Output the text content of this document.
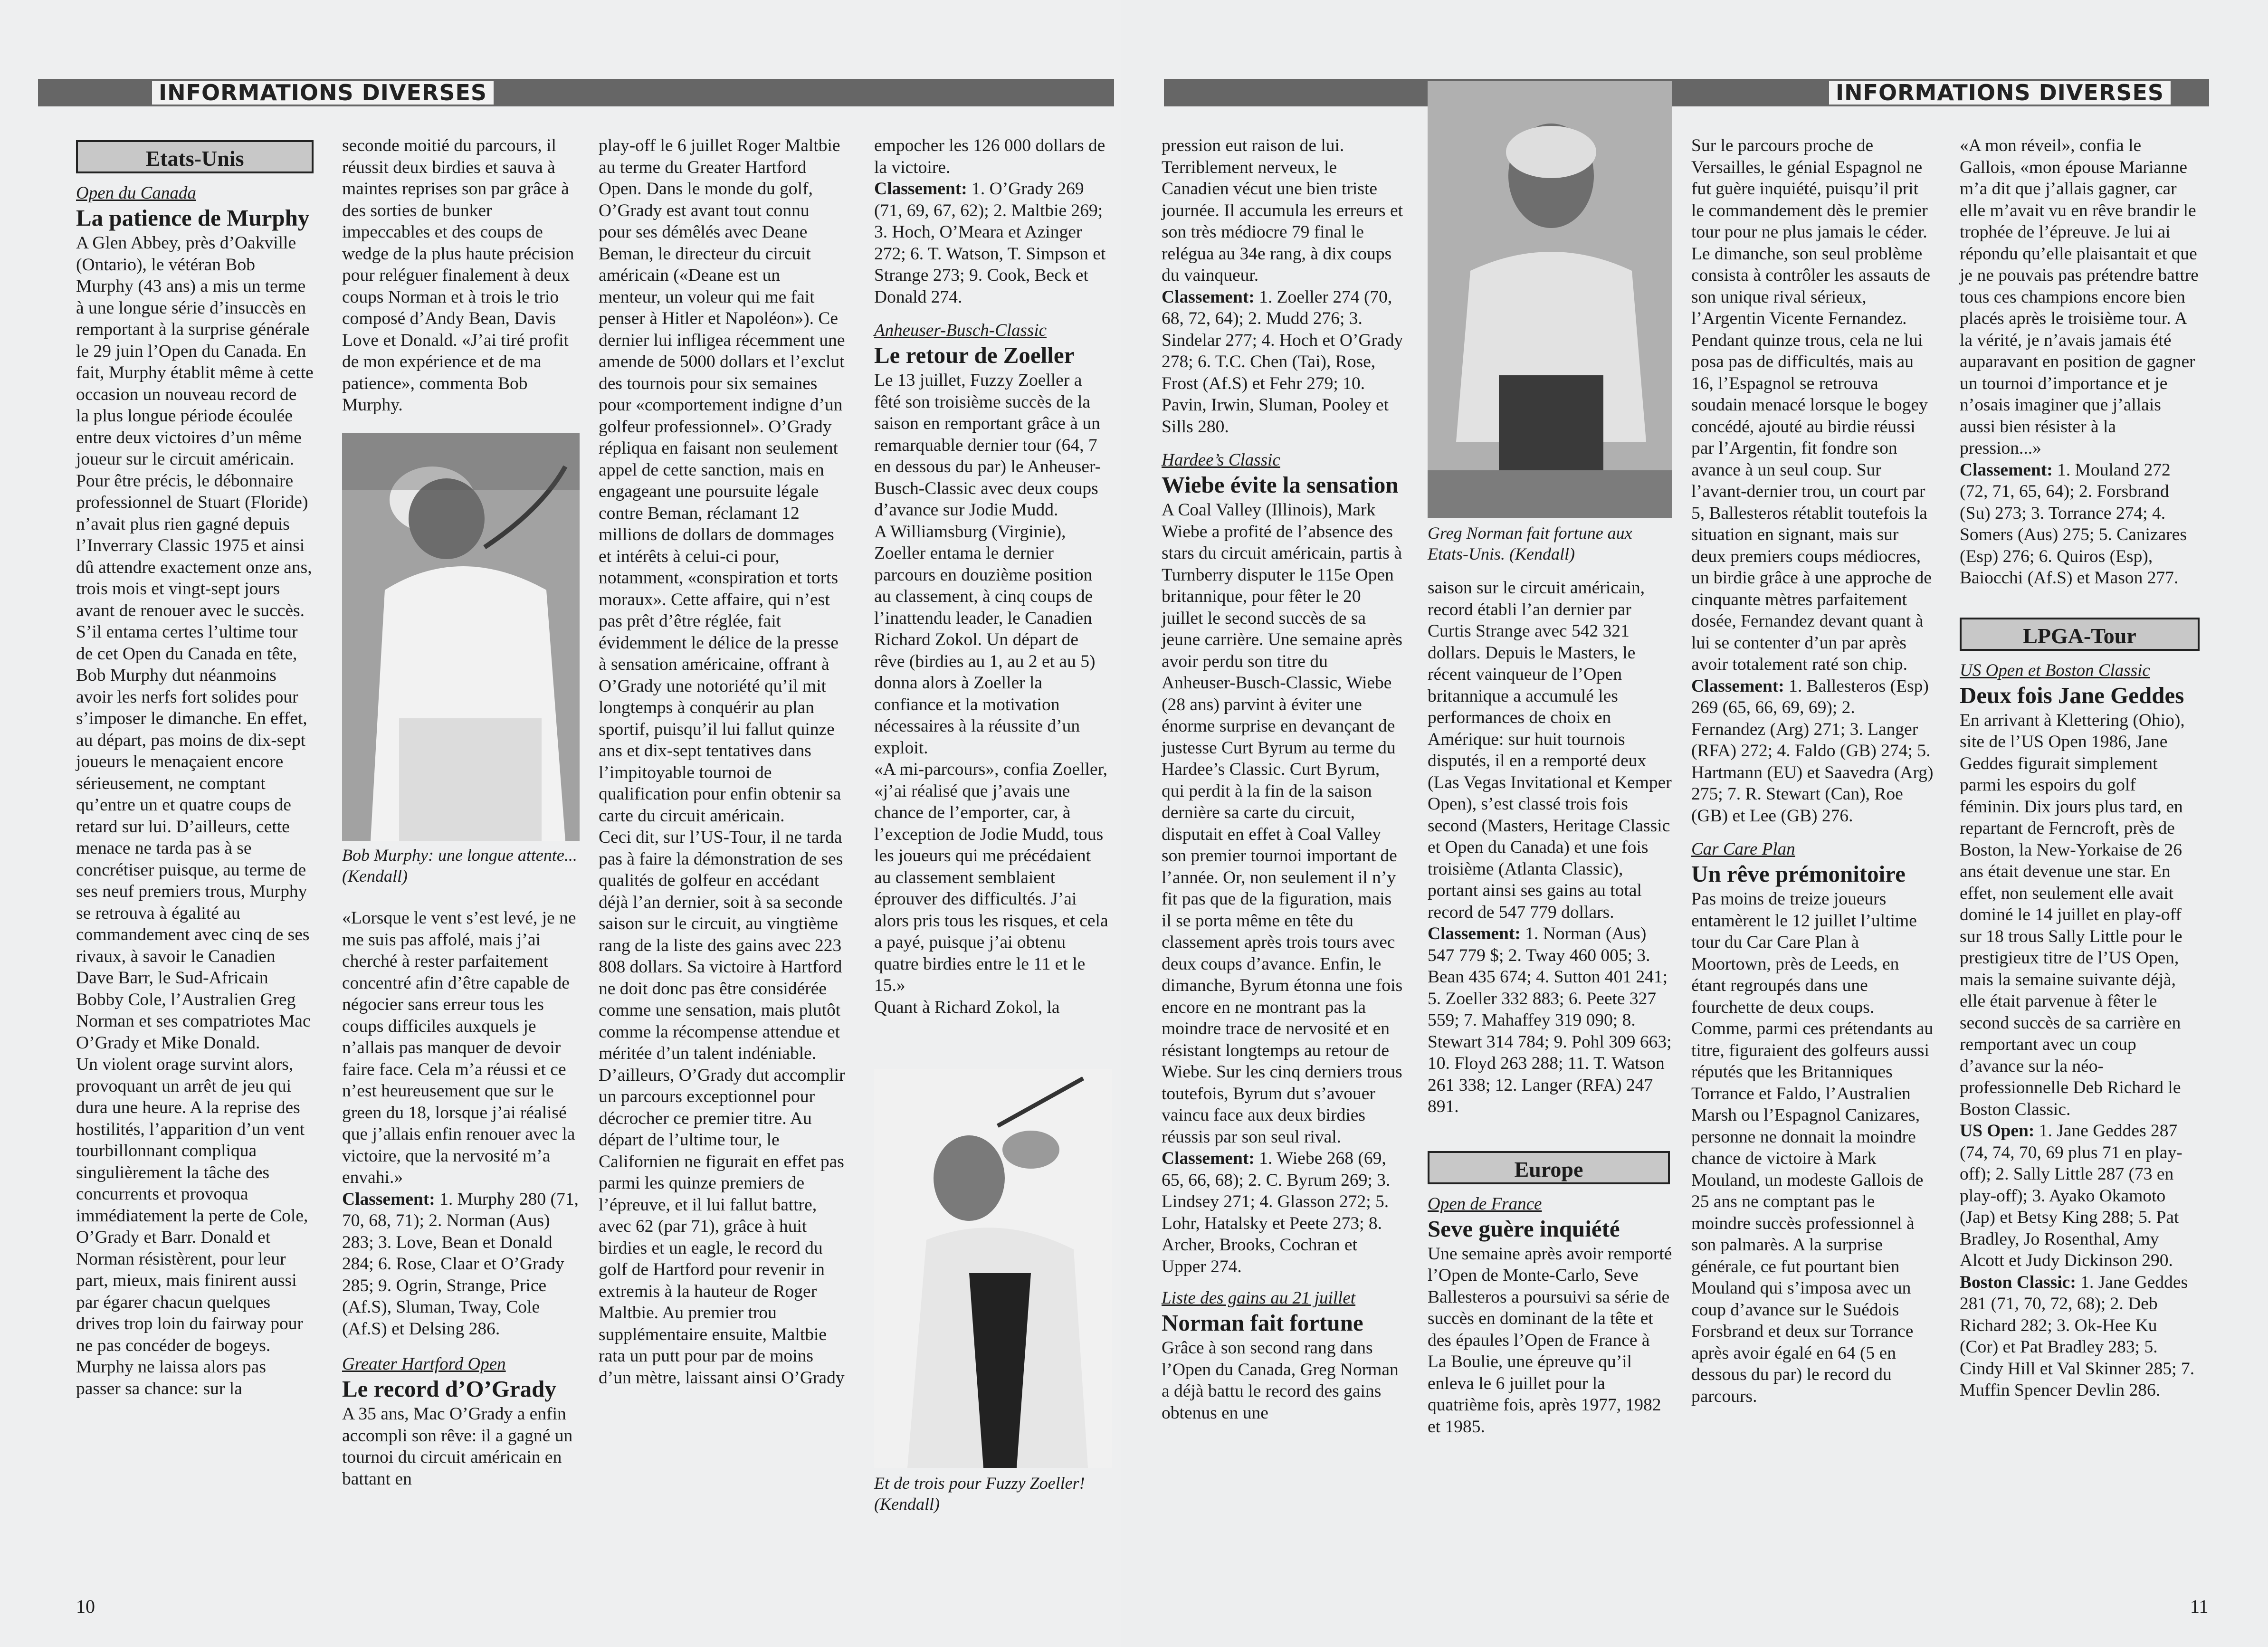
INFORMATIONS DIVERSES
Etats-Unis

Open du Canada

La patience de Murphy

A Glen Abbey, près d’Oakville (Ontario), le vétéran Bob Murphy (43 ans) a mis un terme à une longue série d’insuccès en remportant à la surprise générale le 29 juin l’Open du Canada. En fait, Murphy établit même à cette occasion un nouveau record de la plus longue période écoulée entre deux victoires d’un même joueur sur le circuit américain. Pour être précis, le débonnaire professionnel de Stuart (Floride) n’avait plus rien gagné depuis l’Inverrary Classic 1975 et ainsi dû attendre exactement onze ans, trois mois et vingt-sept jours avant de renouer avec le succès.

S’il entama certes l’ultime tour de cet Open du Canada en tête, Bob Murphy dut néanmoins avoir les nerfs fort solides pour s’imposer le dimanche. En effet, au départ, pas moins de dix-sept joueurs le menaçaient encore sérieusement, ne comptant qu’entre un et quatre coups de retard sur lui. D’ailleurs, cette menace ne tarda pas à se concrétiser puisque, au terme de ses neuf premiers trous, Murphy se retrouva à égalité au commandement avec cinq de ses rivaux, à savoir le Canadien Dave Barr, le Sud-Africain Bobby Cole, l’Australien Greg Norman et ses compatriotes Mac O’Grady et Mike Donald.

Un violent orage survint alors, provoquant un arrêt de jeu qui dura une heure. A la reprise des hostilités, l’apparition d’un vent tourbillonnant compliqua singulièrement la tâche des concurrents et provoqua immédiatement la perte de Cole, O’Grady et Barr. Donald et Norman résistèrent, pour leur part, mieux, mais finirent aussi par égarer chacun quelques drives trop loin du fairway pour ne pas concéder de bogeys. Murphy ne laissa alors pas passer sa chance: sur la

seconde moitié du parcours, il réussit deux birdies et sauva à maintes reprises son par grâce à des sorties de bunker impeccables et des coups de wedge de la plus haute précision pour reléguer finalement à deux coups Norman et à trois le trio composé d’Andy Bean, Davis Love et Donald. «J’ai tiré profit de mon expérience et de ma patience», commenta Bob Murphy.

Bob Murphy: une longue attente... (Kendall)

«Lorsque le vent s’est levé, je ne me suis pas affolé, mais j’ai cherché à rester parfaitement concentré afin d’être capable de négocier sans erreur tous les coups difficiles auxquels je n’allais pas manquer de devoir faire face. Cela m’a réussi et ce n’est heureusement que sur le green du 18, lorsque j’ai réalisé que j’allais enfin renouer avec la victoire, que la nervosité m’a envahi.»

Classement: 1. Murphy 280 (71, 70, 68, 71); 2. Norman (Aus) 283; 3. Love, Bean et Donald 284; 6. Rose, Claar et O’Grady 285; 9. Ogrin, Strange, Price (Af.S), Sluman, Tway, Cole (Af.S) et Delsing 286.

Greater Hartford Open

Le record d’O’Grady

A 35 ans, Mac O’Grady a enfin accompli son rêve: il a gagné un tournoi du circuit américain en battant en

play-off le 6 juillet Roger Maltbie au terme du Greater Hartford Open. Dans le monde du golf, O’Grady est avant tout connu pour ses démêlés avec Deane Beman, le directeur du circuit américain («Deane est un menteur, un voleur qui me fait penser à Hitler et Napoléon»). Ce dernier lui infligea récemment une amende de 5000 dollars et l’exclut des tournois pour six semaines pour «comportement indigne d’un golfeur professionnel». O’Grady répliqua en faisant non seulement appel de cette sanction, mais en engageant une poursuite légale contre Beman, réclamant 12 millions de dollars de dommages et intérêts à celui-ci pour, notamment, «conspiration et torts moraux». Cette affaire, qui n’est pas prêt d’être réglée, fait évidemment le délice de la presse à sensation américaine, offrant à O’Grady une notoriété qu’il mit longtemps à conquérir au plan sportif, puisqu’il lui fallut quinze ans et dix-sept tentatives dans l’impitoyable tournoi de qualification pour enfin obtenir sa carte du circuit américain.

Ceci dit, sur l’US-Tour, il ne tarda pas à faire la démonstration de ses qualités de golfeur en accédant déjà l’an dernier, soit à sa seconde saison sur le circuit, au vingtième rang de la liste des gains avec 223 808 dollars. Sa victoire à Hartford ne doit donc pas être considérée comme une sensation, mais plutôt comme la récompense attendue et méritée d’un talent indéniable. D’ailleurs, O’Grady dut accomplir un parcours exceptionnel pour décrocher ce premier titre. Au départ de l’ultime tour, le Californien ne figurait en effet pas parmi les quinze premiers de l’épreuve, et il lui fallut battre, avec 62 (par 71), grâce à huit birdies et un eagle, le record du golf de Hartford pour revenir in extremis à la hauteur de Roger Maltbie. Au premier trou supplémentaire ensuite, Maltbie rata un putt pour par de moins d’un mètre, laissant ainsi O’Grady

empocher les 126 000 dollars de la victoire.

Classement: 1. O’Grady 269 (71, 69, 67, 62); 2. Maltbie 269; 3. Hoch, O’Meara et Azinger 272; 6. T. Watson, T. Simpson et Strange 273; 9. Cook, Beck et Donald 274.

Anheuser-Busch-Classic

Le retour de Zoeller

Le 13 juillet, Fuzzy Zoeller a fêté son troisième succès de la saison en remportant grâce à un remarquable dernier tour (64, 7 en dessous du par) le Anheuser-Busch-Classic avec deux coups d’avance sur Jodie Mudd.

A Williamsburg (Virginie), Zoeller entama le dernier parcours en douzième position au classement, à cinq coups de l’inattendu leader, le Canadien Richard Zokol. Un départ de rêve (birdies au 1, au 2 et au 5) donna alors à Zoeller la confiance et la motivation nécessaires à la réussite d’un exploit.

«A mi-parcours», confia Zoeller, «j’ai réalisé que j’avais une chance de l’emporter, car, à l’exception de Jodie Mudd, tous les joueurs qui me précédaient au classement semblaient éprouver des difficultés. J’ai alors pris tous les risques, et cela a payé, puisque j’ai obtenu quatre birdies entre le 11 et le 15.»

Quant à Richard Zokol, la

Et de trois pour Fuzzy Zoeller! (Kendall)
10
INFORMATIONS DIVERSES

pression eut raison de lui. Terriblement nerveux, le Canadien vécut une bien triste journée. Il accumula les erreurs et son très médiocre 79 final le relégua au 34e rang, à dix coups du vainqueur.

Classement: 1. Zoeller 274 (70, 68, 72, 64); 2. Mudd 276; 3. Sindelar 277; 4. Hoch et O’Grady 278; 6. T.C. Chen (Tai), Rose, Frost (Af.S) et Fehr 279; 10. Pavin, Irwin, Sluman, Pooley et Sills 280.

Hardee’s Classic

Wiebe évite la sensation

A Coal Valley (Illinois), Mark Wiebe a profité de l’absence des stars du circuit américain, partis à Turnberry disputer le 115e Open britannique, pour fêter le 20 juillet le second succès de sa jeune carrière. Une semaine après avoir perdu son titre du Anheuser-Busch-Classic, Wiebe (28 ans) parvint à éviter une énorme surprise en devançant de justesse Curt Byrum au terme du Hardee’s Classic. Curt Byrum, qui perdit à la fin de la saison dernière sa carte du circuit, disputait en effet à Coal Valley son premier tournoi important de l’année. Or, non seulement il n’y fit pas que de la figuration, mais il se porta même en tête du classement après trois tours avec deux coups d’avance. Enfin, le dimanche, Byrum étonna une fois encore en ne montrant pas la moindre trace de nervosité et en résistant longtemps au retour de Wiebe. Sur les cinq derniers trous toutefois, Byrum dut s’avouer vaincu face aux deux birdies réussis par son seul rival.

Classement: 1. Wiebe 268 (69, 65, 66, 68); 2. C. Byrum 269; 3. Lindsey 271; 4. Glasson 272; 5. Lohr, Hatalsky et Peete 273; 8. Archer, Brooks, Cochran et Upper 274.

Liste des gains au 21 juillet

Norman fait fortune

Grâce à son second rang dans l’Open du Canada, Greg Norman a déjà battu le record des gains obtenus en une

Greg Norman fait fortune aux Etats-Unis. (Kendall)

saison sur le circuit américain, record établi l’an dernier par Curtis Strange avec 542 321 dollars. Depuis le Masters, le récent vainqueur de l’Open britannique a accumulé les performances de choix en Amérique: sur huit tournois disputés, il en a remporté deux (Las Vegas Invitational et Kemper Open), s’est classé trois fois second (Masters, Heritage Classic et Open du Canada) et une fois troisième (Atlanta Classic), portant ainsi ses gains au total record de 547 779 dollars.

Classement: 1. Norman (Aus) 547 779 $; 2. Tway 460 005; 3. Bean 435 674; 4. Sutton 401 241; 5. Zoeller 332 883; 6. Peete 327 559; 7. Mahaffey 319 090; 8. Stewart 314 784; 9. Pohl 309 663; 10. Floyd 263 288; 11. T. Watson 261 338; 12. Langer (RFA) 247 891.

Europe

Open de France

Seve guère inquiété

Une semaine après avoir remporté l’Open de Monte-Carlo, Seve Ballesteros a poursuivi sa série de succès en dominant de la tête et des épaules l’Open de France à La Boulie, une épreuve qu’il enleva le 6 juillet pour la quatrième fois, après 1977, 1982 et 1985.

Sur le parcours proche de Versailles, le génial Espagnol ne fut guère inquiété, puisqu’il prit le commandement dès le premier tour pour ne plus jamais le céder. Le dimanche, son seul problème consista à contrôler les assauts de son unique rival sérieux, l’Argentin Vicente Fernandez. Pendant quinze trous, cela ne lui posa pas de difficultés, mais au 16, l’Espagnol se retrouva soudain menacé lorsque le bogey concédé, ajouté au birdie réussi par l’Argentin, fit fondre son avance à un seul coup. Sur l’avant-dernier trou, un court par 5, Ballesteros rétablit toutefois la situation en signant, mais sur deux premiers coups médiocres, un birdie grâce à une approche de cinquante mètres parfaitement dosée, Fernandez devant quant à lui se contenter d’un par après avoir totalement raté son chip.

Classement: 1. Ballesteros (Esp) 269 (65, 66, 69, 69); 2. Fernandez (Arg) 271; 3. Langer (RFA) 272; 4. Faldo (GB) 274; 5. Hartmann (EU) et Saavedra (Arg) 275; 7. R. Stewart (Can), Roe (GB) et Lee (GB) 276.

Car Care Plan

Un rêve prémonitoire

Pas moins de treize joueurs entamèrent le 12 juillet l’ultime tour du Car Care Plan à Moortown, près de Leeds, en étant regroupés dans une fourchette de deux coups. Comme, parmi ces prétendants au titre, figuraient des golfeurs aussi réputés que les Britanniques Torrance et Faldo, l’Australien Marsh ou l’Espagnol Canizares, personne ne donnait la moindre chance de victoire à Mark Mouland, un modeste Gallois de 25 ans ne comptant pas le moindre succès professionnel à son palmarès. A la surprise générale, ce fut pourtant bien Mouland qui s’imposa avec un coup d’avance sur le Suédois Forsbrand et deux sur Torrance après avoir égalé en 64 (5 en dessous du par) le record du parcours.

«A mon réveil», confia le Gallois, «mon épouse Marianne m’a dit que j’allais gagner, car elle m’avait vu en rêve brandir le trophée de l’épreuve. Je lui ai répondu qu’elle plaisantait et que je ne pouvais pas prétendre battre tous ces champions encore bien placés après le troisième tour. A la vérité, je n’avais jamais été auparavant en position de gagner un tournoi d’importance et je n’osais imaginer que j’allais aussi bien résister à la pression...»

Classement: 1. Mouland 272 (72, 71, 65, 64); 2. Forsbrand (Su) 273; 3. Torrance 274; 4. Somers (Aus) 275; 5. Canizares (Esp) 276; 6. Quiros (Esp), Baiocchi (Af.S) et Mason 277.

LPGA-Tour

US Open et Boston Classic

Deux fois Jane Geddes

En arrivant à Klettering (Ohio), site de l’US Open 1986, Jane Geddes figurait simplement parmi les espoirs du golf féminin. Dix jours plus tard, en repartant de Ferncroft, près de Boston, la New-Yorkaise de 26 ans était devenue une star. En effet, non seulement elle avait dominé le 14 juillet en play-off sur 18 trous Sally Little pour le prestigieux titre de l’US Open, mais la semaine suivante déjà, elle était parvenue à fêter le second succès de sa carrière en remportant avec un coup d’avance sur la néo-professionnelle Deb Richard le Boston Classic.

US Open: 1. Jane Geddes 287 (74, 74, 70, 69 plus 71 en play-off); 2. Sally Little 287 (73 en play-off); 3. Ayako Okamoto (Jap) et Betsy King 288; 5. Pat Bradley, Jo Rosenthal, Amy Alcott et Judy Dickinson 290.

Boston Classic: 1. Jane Geddes 281 (71, 70, 72, 68); 2. Deb Richard 282; 3. Ok-Hee Ku (Cor) et Pat Bradley 283; 5. Cindy Hill et Val Skinner 285; 7. Muffin Spencer Devlin 286.

11
